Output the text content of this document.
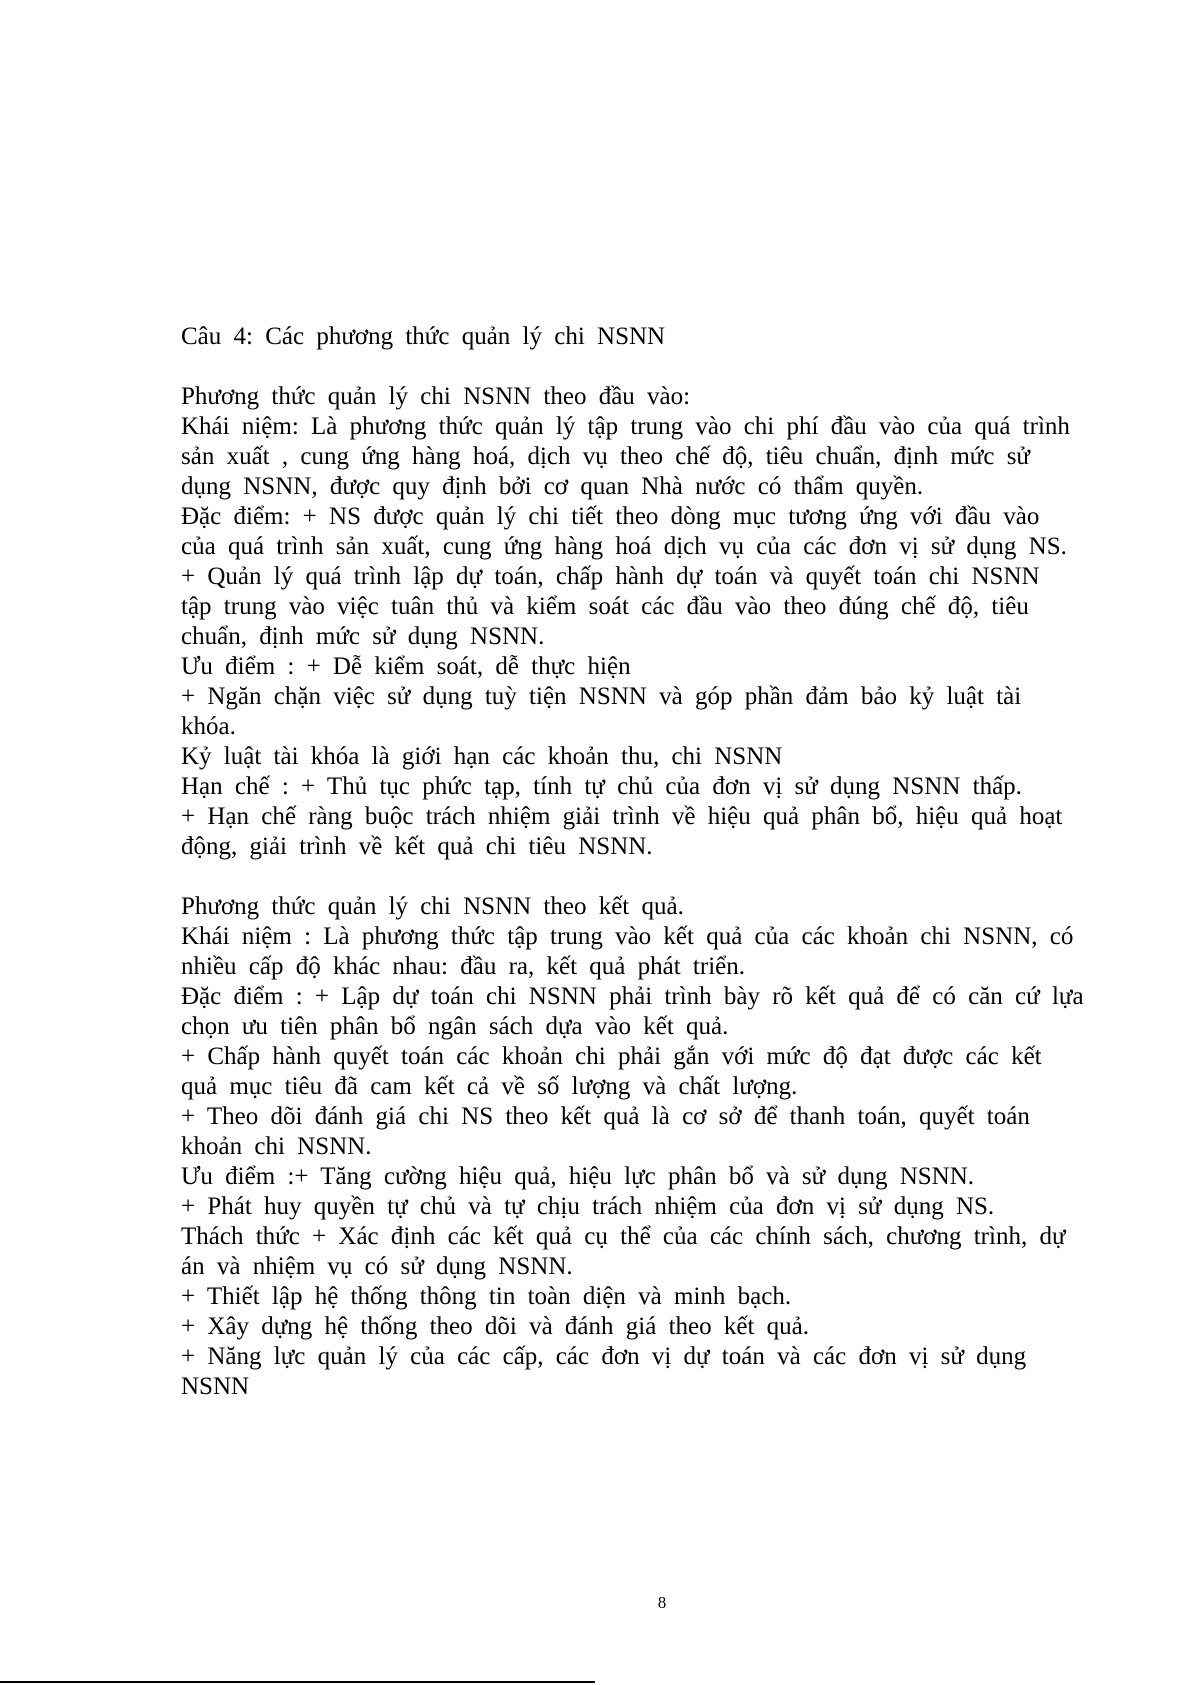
Câu 4: Các phương thức quản lý chi NSNN
Phương thức quản lý chi NSNN theo đầu vào:
Khái niệm: Là phương thức quản lý tập trung vào chi phí đầu vào của quá trình
sản xuất , cung ứng hàng hoá, dịch vụ theo chế độ, tiêu chuẩn, định mức sử
dụng NSNN, được quy định bởi cơ quan Nhà nước có thẩm quyền.
Đặc điểm: + NS được quản lý chi tiết theo dòng mục tương ứng với đầu vào
của quá trình sản xuất, cung ứng hàng hoá dịch vụ của các đơn vị sử dụng NS.
+ Quản lý quá trình lập dự toán, chấp hành dự toán và quyết toán chi NSNN
tập trung vào việc tuân thủ và kiểm soát các đầu vào theo đúng chế độ, tiêu
chuẩn, định mức sử dụng NSNN.
Ưu điểm : + Dễ kiểm soát, dễ thực hiện
+ Ngăn chặn việc sử dụng tuỳ tiện NSNN và góp phần đảm bảo kỷ luật tài
khóa.
Kỷ luật tài khóa là giới hạn các khoản thu, chi NSNN
Hạn chế : + Thủ tục phức tạp, tính tự chủ của đơn vị sử dụng NSNN thấp.
+ Hạn chế ràng buộc trách nhiệm giải trình về hiệu quả phân bổ, hiệu quả hoạt
động, giải trình về kết quả chi tiêu NSNN.
Phương thức quản lý chi NSNN theo kết quả.
Khái niệm : Là phương thức tập trung vào kết quả của các khoản chi NSNN, có
nhiều cấp độ khác nhau: đầu ra, kết quả phát triển.
Đặc điểm : + Lập dự toán chi NSNN phải trình bày rõ kết quả để có căn cứ lựa
chọn ưu tiên phân bổ ngân sách dựa vào kết quả.
+ Chấp hành quyết toán các khoản chi phải gắn với mức độ đạt được các kết
quả mục tiêu đã cam kết cả về số lượng và chất lượng.
+ Theo dõi đánh giá chi NS theo kết quả là cơ sở để thanh toán, quyết toán
khoản chi NSNN.
Ưu điểm :+ Tăng cường hiệu quả, hiệu lực phân bổ và sử dụng NSNN.
+ Phát huy quyền tự chủ và tự chịu trách nhiệm của đơn vị sử dụng NS.
Thách thức + Xác định các kết quả cụ thể của các chính sách, chương trình, dự
án và nhiệm vụ có sử dụng NSNN.
+ Thiết lập hệ thống thông tin toàn diện và minh bạch.
+ Xây dựng hệ thống theo dõi và đánh giá theo kết quả.
+ Năng lực quản lý của các cấp, các đơn vị dự toán và các đơn vị sử dụng
NSNN
8
